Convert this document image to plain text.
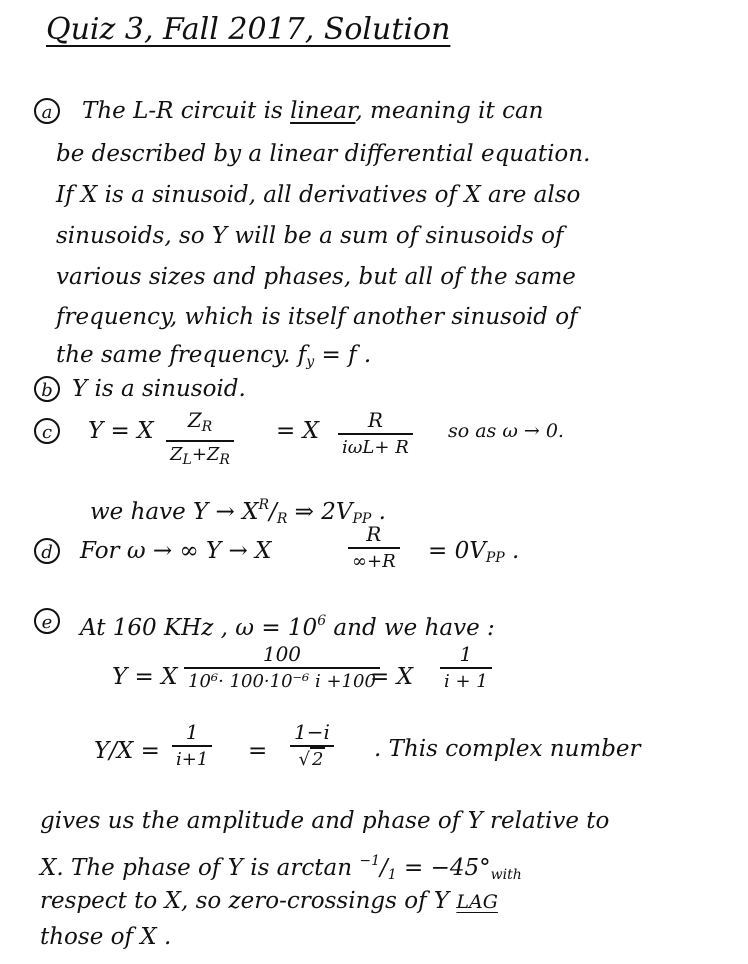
Quiz 3, Fall 2017, Solution
a	The L-R circuit is linear, meaning it can
be described by a linear differential equation.
If X is a sinusoid, all derivatives of X are also
sinusoids, so Y will be a sum of sinusoids of
various sizes and phases, but all of the same
frequency, which is itself another sinusoid of
the same frequency. $f_y = f$ .
b Y is a sinusoid.
c	Y = X $Z_R$
$Z_L+Z_R$
= X R
iωL+ R
so as ω → 0.
we have $Y \to X^R/_R$ ⇒ $2V_{PP}$ .
d	For ω → ∞ Y → X
R
$\infty+R = 0V_{PP}$ .
e	At 160 KHz , $\omega = 10^6$ and we have :
Y = X
100
10⁶· 100·10⁻⁶ i +100
= X
1
i + 1
Y/X =
1
i+1 =
1−i
√ 2 . This complex number
gives us the amplitude and phase of Y relative to
X. The phase of Y is $\arctan ^{-1}/_1 = -45^\circ_{with}$
respect to X, so zero-crossings of Y LAG
those of X .
